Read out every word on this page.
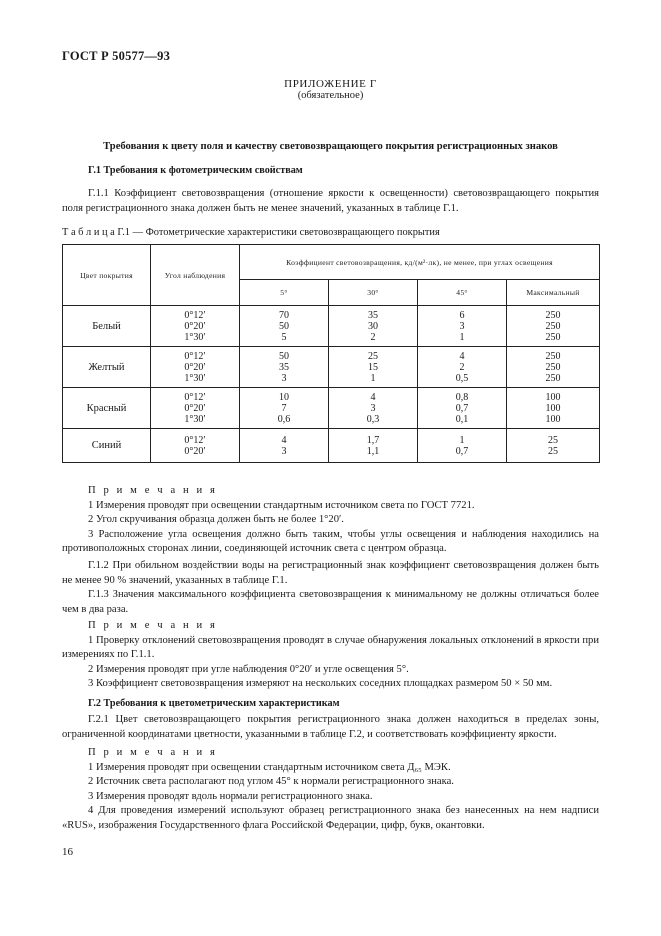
ГОСТ Р 50577—93
ПРИЛОЖЕНИЕ Г
(обязательное)
Требования к цвету поля и качеству световозвращающего покрытия регистрационных знаков
Г.1 Требования к фотометрическим свойствам

Г.1.1 Коэффициент световозвращения (отношение яркости к освещенности) световозвращающего покрытия поля регистрационного знака должен быть не менее значений, указанных в таблице Г.1.

Т а б л и ц а Г.1 — Фотометрические характеристики световозвращающего покрытия
Цвет покрытия	Угол наблюдения	Коэффициент световозвращения, кд/(м²·лк), не менее, при углах освещения			
		5°	30°	45°	Максимальный
Белый	0°12′
0°20′
1°30′	70
50
5	35
30
2	6
3
1	250
250
250
Желтый	0°12′
0°20′
1°30′	50
35
3	25
15
1	4
2
0,5	250
250
250
Красный	0°12′
0°20′
1°30′	10
7
0,6	4
3
0,3	0,8
0,7
0,1	100
100
100
Синий	0°12′
0°20′	4
3	1,7
1,1	1
0,7	25
25
П р и м е ч а н и я

1 Измерения проводят при освещении стандартным источником света по ГОСТ 7721.

2 Угол скручивания образца должен быть не более 1°20′.

3 Расположение угла освещения должно быть таким, чтобы углы освещения и наблюдения находились на противоположных сторонах линии, соединяющей источник света с центром образца.

Г.1.2 При обильном воздействии воды на регистрационный знак коэффициент световозвращения должен быть не менее 90 % значений, указанных в таблице Г.1.

Г.1.3 Значения максимального коэффициента световозвращения к минимальному не должны отличаться более чем в два раза.

П р и м е ч а н и я

1 Проверку отклонений световозвращения проводят в случае обнаружения локальных отклонений в яркости при измерениях по Г.1.1.

2 Измерения проводят при угле наблюдения 0°20′ и угле освещения 5°.

3 Коэффициент световозвращения измеряют на нескольких соседних площадках размером 50 × 50 мм.

Г.2 Требования к цветометрическим характеристикам

Г.2.1 Цвет световозвращающего покрытия регистрационного знака должен находиться в пределах зоны, ограниченной координатами цветности, указанными в таблице Г.2, и соответствовать коэффициенту яркости.

П р и м е ч а н и я

1 Измерения проводят при освещении стандартным источником света Д₆₅ МЭК.

2 Источник света располагают под углом 45° к нормали регистрационного знака.

3 Измерения проводят вдоль нормали регистрационного знака.

4 Для проведения измерений используют образец регистрационного знака без нанесенных на нем надписи «RUS», изображения Государственного флага Российской Федерации, цифр, букв, окантовки.

16
